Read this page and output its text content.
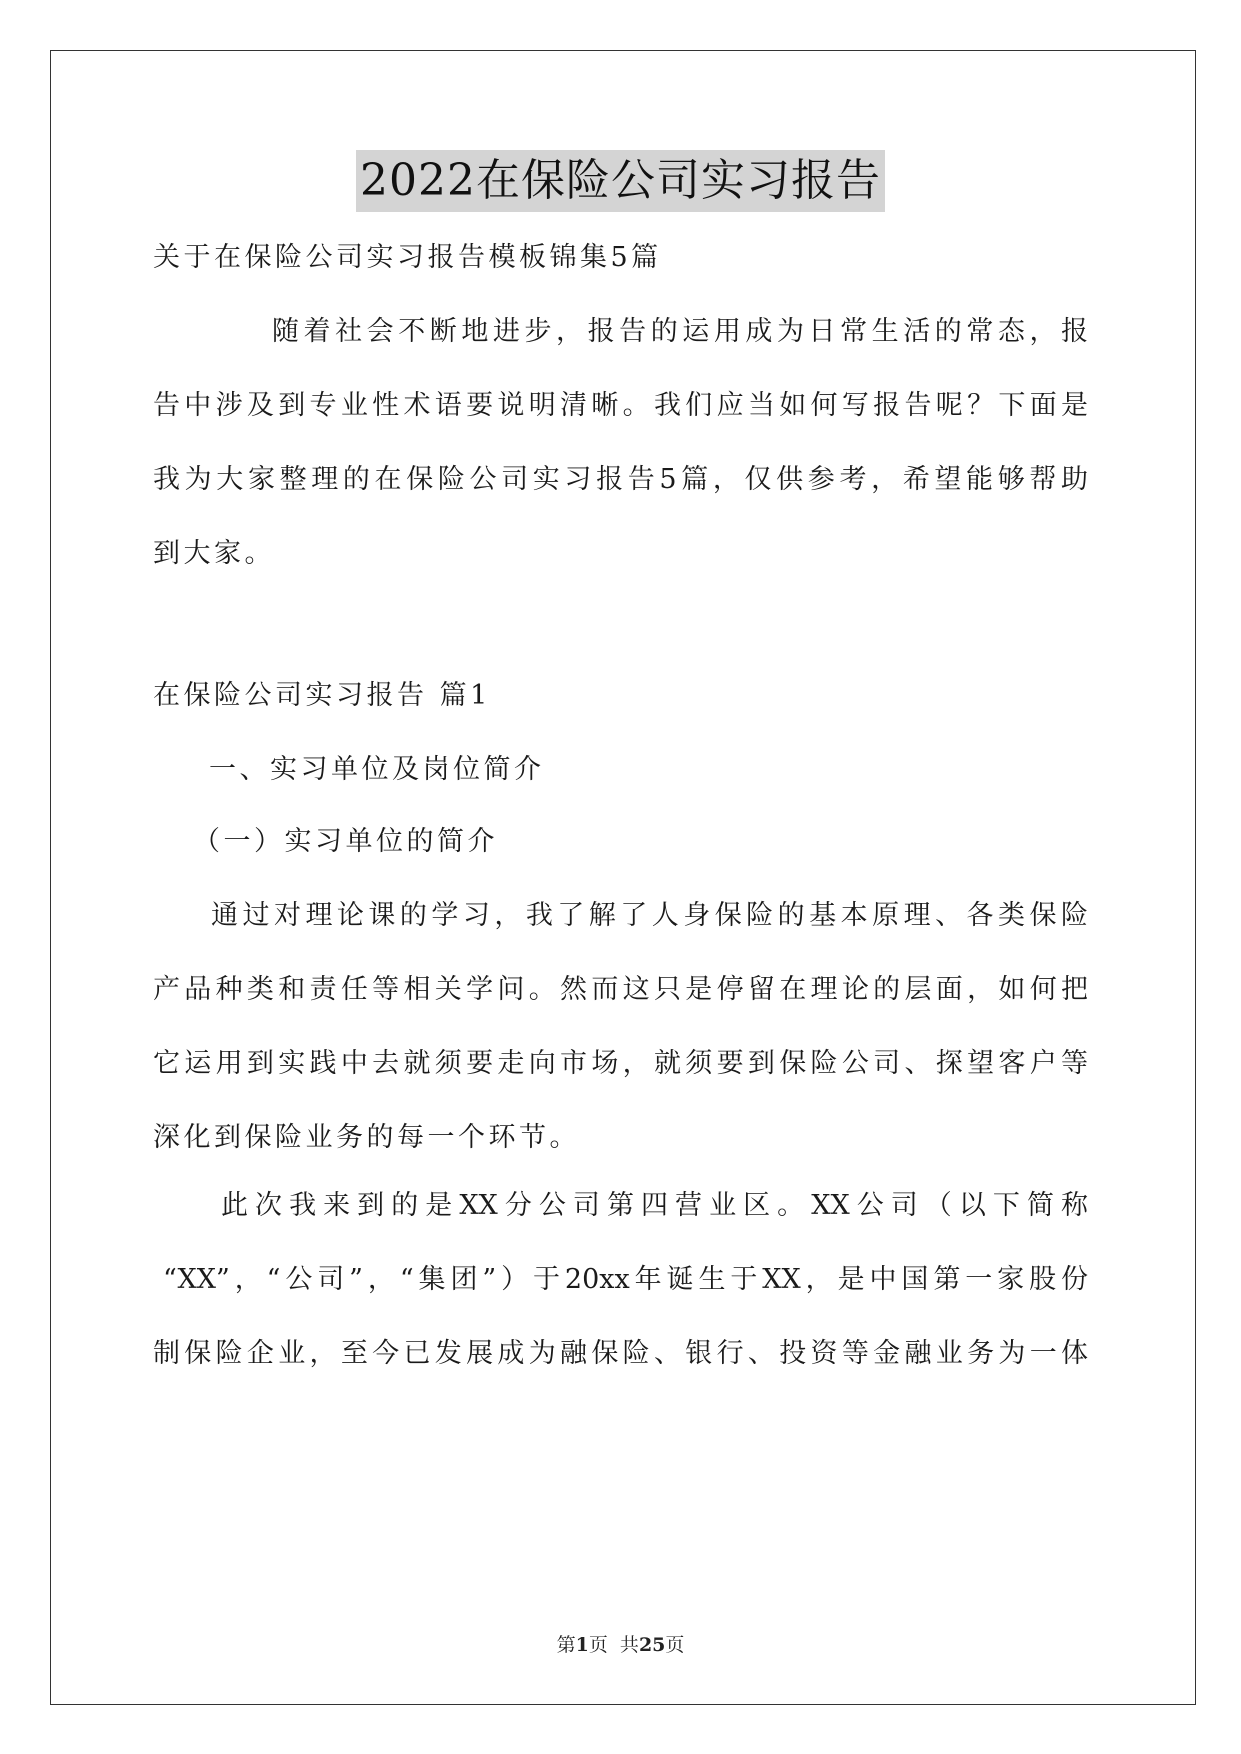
2022在保险公司实习报告
关于在保险公司实习报告模板锦集5篇
随着社会不断地进步，报告的运用成为日常生活的常态，报
告中涉及到专业性术语要说明清晰。我们应当如何写报告呢？下面是
我为大家整理的在保险公司实习报告5篇，仅供参考，希望能够帮助
到大家。
在保险公司实习报告 篇1
一、实习单位及岗位简介
（一）实习单位的简介
通过对理论课的学习，我了解了人身保险的基本原理、各类保险
产品种类和责任等相关学问。然而这只是停留在理论的层面，如何把
它运用到实践中去就须要走向市场，就须要到保险公司、探望客户等
深化到保险业务的每一个环节。
此次我来到的是XX分公司第四营业区。XX公司（以下简称
“XX”，“公司”，“集团”）于20xx年诞生于XX，是中国第一家股份
制保险企业，至今已发展成为融保险、银行、投资等金融业务为一体
第1页  共25页
